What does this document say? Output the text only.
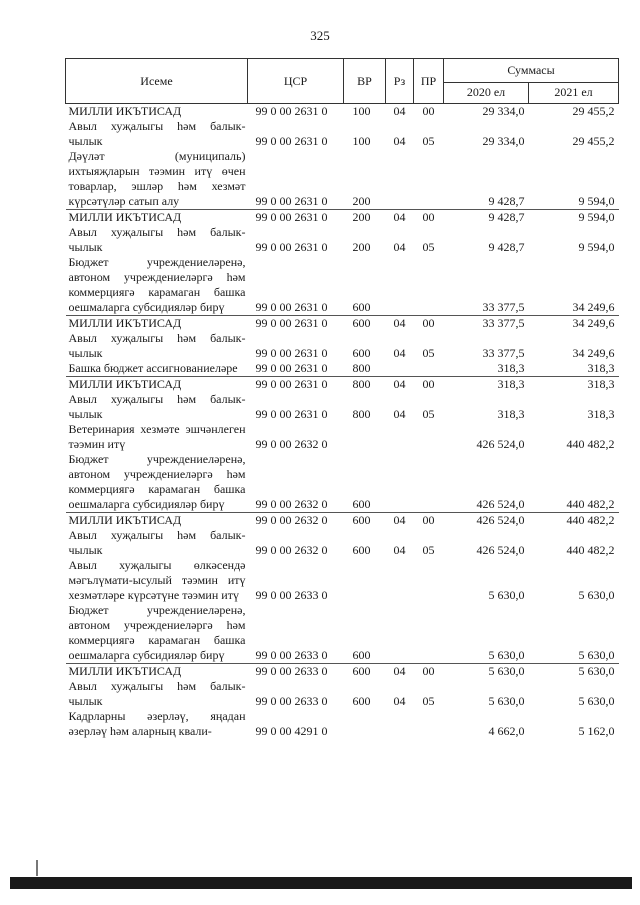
325
Исеме	ЦСР	ВР	Рз	ПР	Суммасы	
					2020 ел	2021 ел
МИЛЛИ ИКЪТИСАД	99 0 00 2631 0	100	04	00	29 334,0	29 455,2
Авыл хуҗалыгы һәм балык-чылык	99 0 00 2631 0	100	04	05	29 334,0	29 455,2
Дәүләт (муниципаль) ихтыяҗларын тәэмин итү өчен товарлар, эшләр һәм хезмәт күрсәтүләр сатып алу	99 0 00 2631 0	200			9 428,7	9 594,0
МИЛЛИ ИКЪТИСАД	99 0 00 2631 0	200	04	00	9 428,7	9 594,0
Авыл хуҗалыгы һәм балык-чылык	99 0 00 2631 0	200	04	05	9 428,7	9 594,0
Бюджет учреждениеләренә, автоном учреждениеләргә һәм коммерциягә карамаган башка оешмаларга субсидияләр бирү	99 0 00 2631 0	600			33 377,5	34 249,6
МИЛЛИ ИКЪТИСАД	99 0 00 2631 0	600	04	00	33 377,5	34 249,6
Авыл хуҗалыгы һәм балык-чылык	99 0 00 2631 0	600	04	05	33 377,5	34 249,6
Башка бюджет ассигнованиеләре	99 0 00 2631 0	800			318,3	318,3
МИЛЛИ ИКЪТИСАД	99 0 00 2631 0	800	04	00	318,3	318,3
Авыл хуҗалыгы һәм балык-чылык	99 0 00 2631 0	800	04	05	318,3	318,3
Ветеринария хезмәте эшчәнлеген тәэмин итү	99 0 00 2632 0				426 524,0	440 482,2
Бюджет учреждениеләренә, автоном учреждениеләргә һәм коммерциягә карамаган башка оешмаларга субсидияләр бирү	99 0 00 2632 0	600			426 524,0	440 482,2
МИЛЛИ ИКЪТИСАД	99 0 00 2632 0	600	04	00	426 524,0	440 482,2
Авыл хуҗалыгы һәм балык-чылык	99 0 00 2632 0	600	04	05	426 524,0	440 482,2
Авыл хуҗалыгы өлкәсендә мәгълүмати-ысулый тәэмин итү хезмәтләре күрсәтүне тәэмин итү	99 0 00 2633 0				5 630,0	5 630,0
Бюджет учреждениеләренә, автоном учреждениеләргә һәм коммерциягә карамаган башка оешмаларга субсидияләр бирү	99 0 00 2633 0	600			5 630,0	5 630,0
МИЛЛИ ИКЪТИСАД	99 0 00 2633 0	600	04	00	5 630,0	5 630,0
Авыл хуҗалыгы һәм балык-чылык	99 0 00 2633 0	600	04	05	5 630,0	5 630,0
Кадрларны әзерләү, яңадан әзерләү һәм аларның квали-	99 0 00 4291 0				4 662,0	5 162,0
